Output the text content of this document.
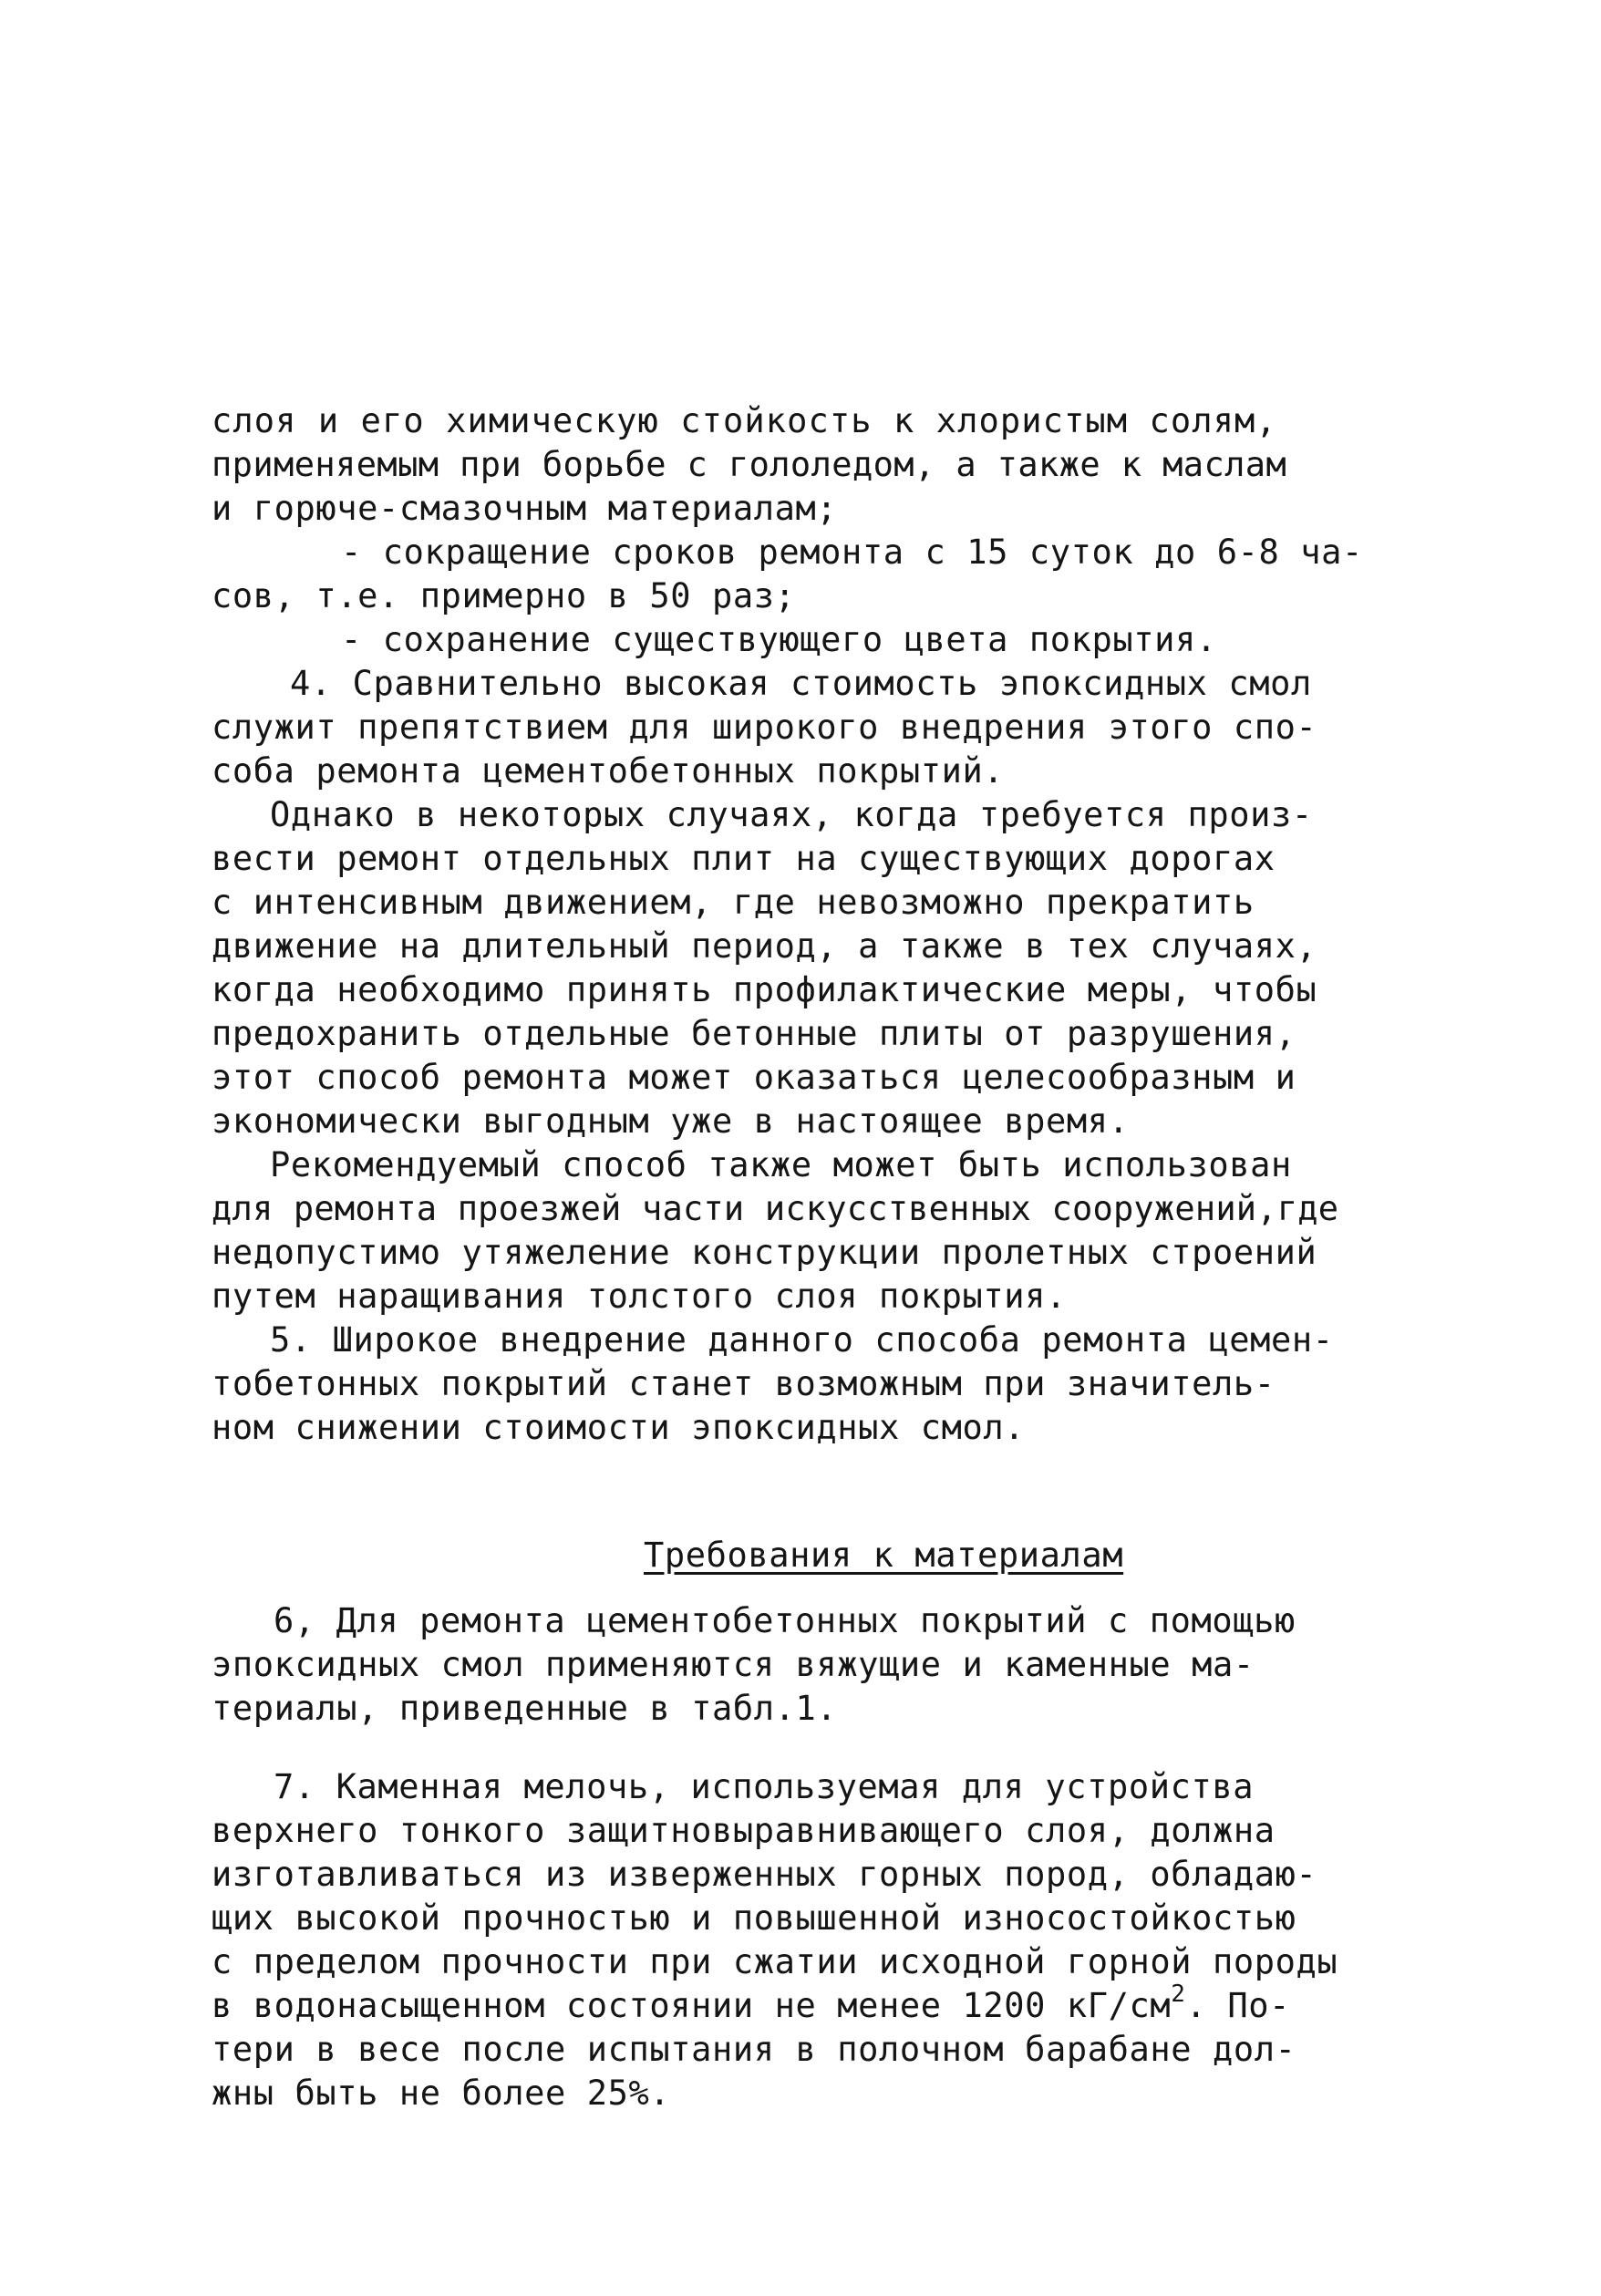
слоя и его химическую стойкость к хлористым солям,
применяемым при борьбе с гололедом, а также к маслам
и горюче-смазочным материалам;
- сокращение сроков ремонта с 15 суток до 6-8 ча-
сов, т.е. примерно в 50 раз;
- сохранение существующего цвета покрытия.
4. Сравнительно высокая стоимость эпоксидных смол
служит препятствием для широкого внедрения этого спо-
соба ремонта цементобетонных покрытий.
Однако в некоторых случаях, когда требуется произ-
вести ремонт отдельных плит на существующих дорогах
с интенсивным движением, где невозможно прекратить
движение на длительный период, а также в тех случаях,
когда необходимо принять профилактические меры, чтобы
предохранить отдельные бетонные плиты от разрушения,
этот способ ремонта может оказаться целесообразным и
экономически выгодным уже в настоящее время.
Рекомендуемый способ также может быть использован
для ремонта проезжей части искусственных сооружений,где
недопустимо утяжеление конструкции пролетных строений
путем наращивания толстого слоя покрытия.
5. Широкое внедрение данного способа ремонта цемен-
тобетонных покрытий станет возможным при значитель-
ном снижении стоимости эпоксидных смол.
Требования к материалам
6, Для ремонта цементобетонных покрытий с помощью
эпоксидных смол применяются вяжущие и каменные ма-
териалы, приведенные в табл.1.
7. Каменная мелочь, используемая для устройства
верхнего тонкого защитновыравнивающего слоя, должна
изготавливаться из изверженных горных пород, обладаю-
щих высокой прочностью и повышенной износостойкостью
с пределом прочности при сжатии исходной горной породы
в водонасыщенном состоянии не менее 1200 $кГ/см^2$. По-
тери в весе после испытания в полочном барабане дол-
жны быть не более 25%.
